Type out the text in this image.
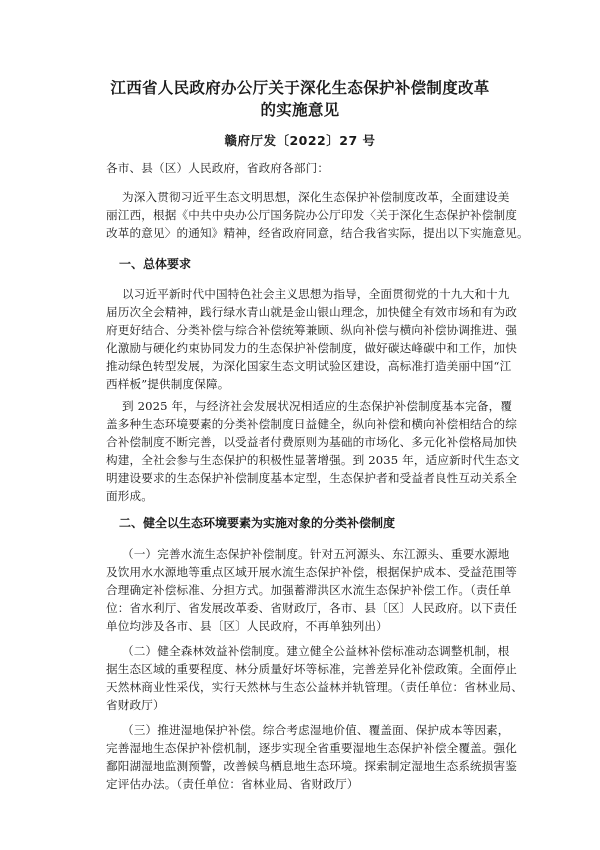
江西省人民政府办公厅关于深化生态保护补偿制度改革
的实施意见
赣府厅发〔2022〕27 号
各市、县（区）人民政府，省政府各部门：
为深入贯彻习近平生态文明思想，深化生态保护补偿制度改革，全面建设美
丽江西，根据《中共中央办公厅国务院办公厅印发〈关于深化生态保护补偿制度
改革的意见〉的通知》精神，经省政府同意，结合我省实际，提出以下实施意见。
一、总体要求
以习近平新时代中国特色社会主义思想为指导，全面贯彻党的十九大和十九
届历次全会精神，践行绿水青山就是金山银山理念，加快健全有效市场和有为政
府更好结合、分类补偿与综合补偿统筹兼顾、纵向补偿与横向补偿协调推进、强
化激励与硬化约束协同发力的生态保护补偿制度，做好碳达峰碳中和工作，加快
推动绿色转型发展，为深化国家生态文明试验区建设，高标准打造美丽中国“江
西样板”提供制度保障。
到 2025 年，与经济社会发展状况相适应的生态保护补偿制度基本完备，覆
盖多种生态环境要素的分类补偿制度日益健全，纵向补偿和横向补偿相结合的综
合补偿制度不断完善，以受益者付费原则为基础的市场化、多元化补偿格局加快
构建，全社会参与生态保护的积极性显著增强。到 2035 年，适应新时代生态文
明建设要求的生态保护补偿制度基本定型，生态保护者和受益者良性互动关系全
面形成。
二、健全以生态环境要素为实施对象的分类补偿制度
（一）完善水流生态保护补偿制度。针对五河源头、东江源头、重要水源地
及饮用水水源地等重点区域开展水流生态保护补偿，根据保护成本、受益范围等
合理确定补偿标准、分担方式。加强蓄滞洪区水流生态保护补偿工作。（责任单
位：省水利厅、省发展改革委、省财政厅，各市、县〔区〕人民政府。以下责任
单位均涉及各市、县〔区〕人民政府，不再单独列出）
（二）健全森林效益补偿制度。建立健全公益林补偿标准动态调整机制，根
据生态区域的重要程度、林分质量好坏等标准，完善差异化补偿政策。全面停止
天然林商业性采伐，实行天然林与生态公益林并轨管理。（责任单位：省林业局、
省财政厅）
（三）推进湿地保护补偿。综合考虑湿地价值、覆盖面、保护成本等因素，
完善湿地生态保护补偿机制，逐步实现全省重要湿地生态保护补偿全覆盖。强化
鄱阳湖湿地监测预警，改善候鸟栖息地生态环境。探索制定湿地生态系统损害鉴
定评估办法。（责任单位：省林业局、省财政厅）
